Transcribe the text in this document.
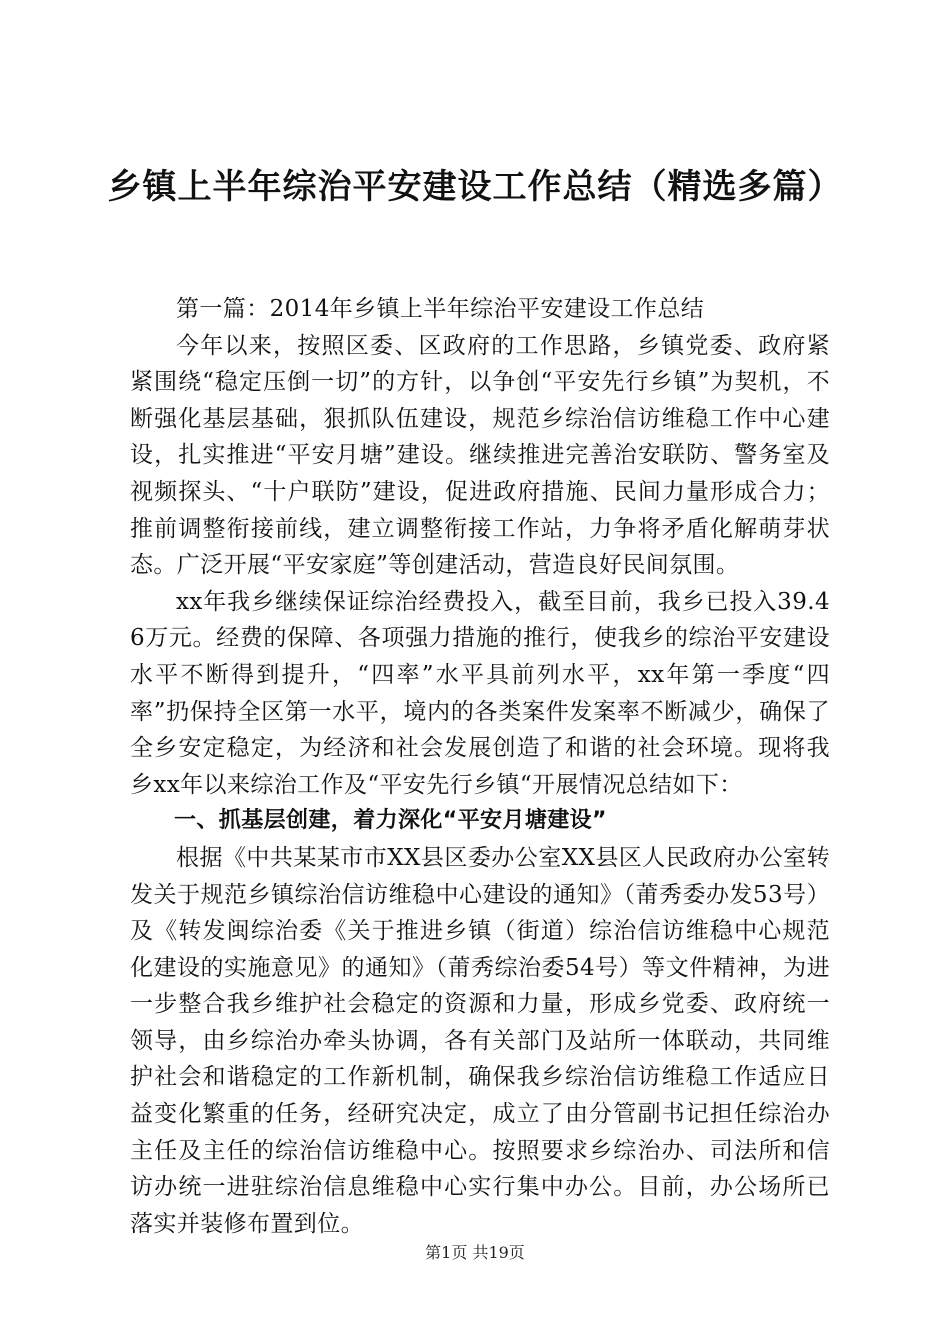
乡镇上半年综治平安建设工作总结（精选多篇）

第一篇：2014年乡镇上半年综治平安建设工作总结

今年以来，按照区委、区政府的工作思路，乡镇党委、政府紧紧围绕“稳定压倒一切”的方针，以争创“平安先行乡镇”为契机，不断强化基层基础，狠抓队伍建设，规范乡综治信访维稳工作中心建设，扎实推进“平安月塘”建设。继续推进完善治安联防、警务室及视频探头、“十户联防”建设，促进政府措施、民间力量形成合力；推前调整衔接前线，建立调整衔接工作站，力争将矛盾化解萌芽状态。广泛开展“平安家庭”等创建活动，营造良好民间氛围。

xx年我乡继续保证综治经费投入，截至目前，我乡已投入39.46万元。经费的保障、各项强力措施的推行，使我乡的综治平安建设水平不断得到提升，“四率”水平具前列水平，xx年第一季度“四率”扔保持全区第一水平，境内的各类案件发案率不断减少，确保了全乡安定稳定，为经济和社会发展创造了和谐的社会环境。现将我乡xx年以来综治工作及“平安先行乡镇“开展情况总结如下：

一、抓基层创建，着力深化“平安月塘建设”

根据《中共某某市市XX县区委办公室XX县区人民政府办公室转发关于规范乡镇综治信访维稳中心建设的通知》（莆秀委办发53号）及《转发闽综治委《关于推进乡镇（街道）综治信访维稳中心规范化建设的实施意见》的通知》（莆秀综治委54号）等文件精神，为进一步整合我乡维护社会稳定的资源和力量，形成乡党委、政府统一领导，由乡综治办牵头协调，各有关部门及站所一体联动，共同维护社会和谐稳定的工作新机制，确保我乡综治信访维稳工作适应日益变化繁重的任务，经研究决定，成立了由分管副书记担任综治办主任及主任的综治信访维稳中心。按照要求乡综治办、司法所和信访办统一进驻综治信息维稳中心实行集中办公。目前，办公场所已落实并装修布置到位。

第1页 共19页
